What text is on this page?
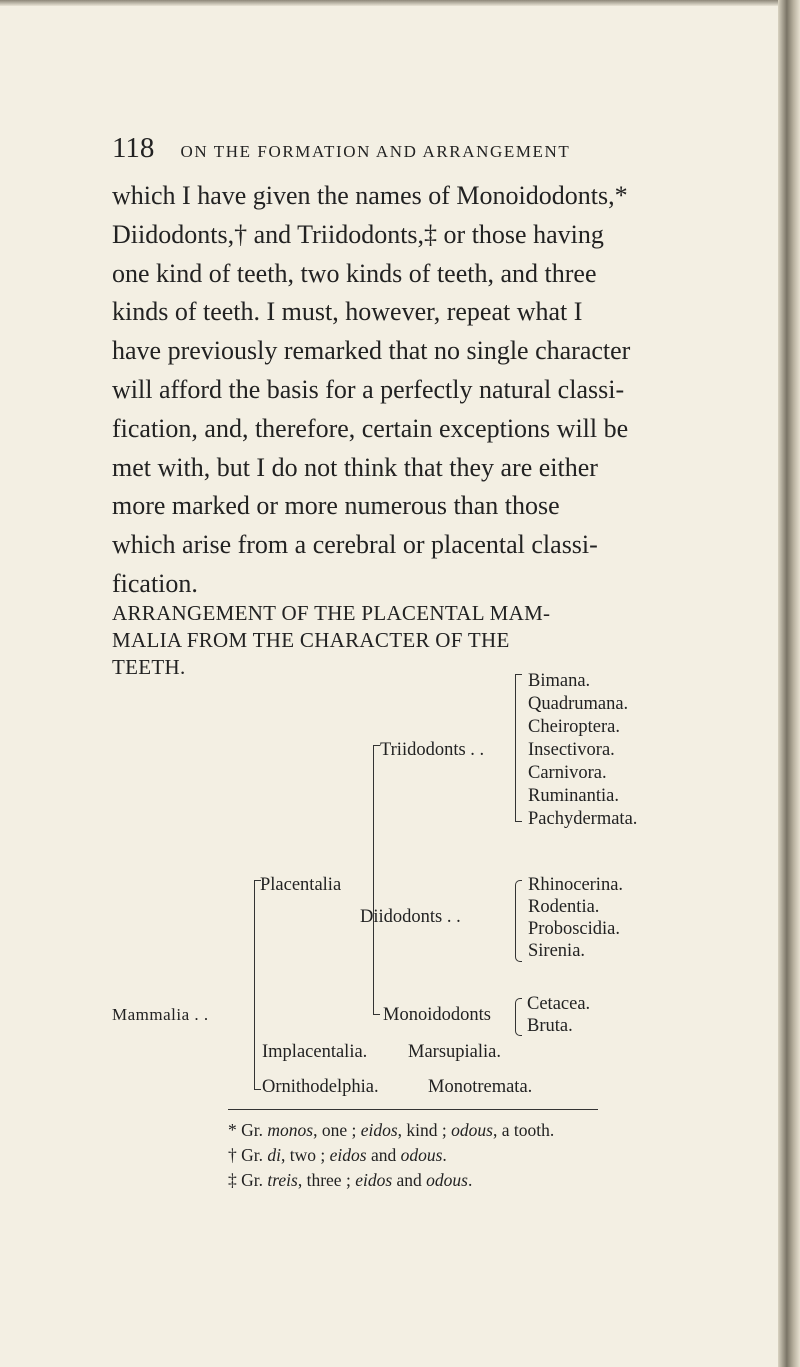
118 ON THE FORMATION AND ARRANGEMENT

which I have given the names of Monoidodonts,*
Diidodonts,† and Triidodonts,‡ or those having
one kind of teeth, two kinds of teeth, and three
kinds of teeth. I must, however, repeat what I
have previously remarked that no single character
will afford the basis for a perfectly natural classi-
fication, and, therefore, certain exceptions will be
met with, but I do not think that they are either
more marked or more numerous than those
which arise from a cerebral or placental classi-
fication.

ARRANGEMENT OF THE PLACENTAL MAM-
MALIA FROM THE CHARACTER OF THE
TEETH.

Bimana.
Quadrumana.
Cheiroptera.
Insectivora.
Carnivora.
Ruminantia.
Pachydermata.
Triidodonts . .
Rhinocerina.
Rodentia.
Proboscidia.
Sirenia.
Diidodonts . .
Cetacea.
Bruta.
Monoidodonts
Placentalia
Implacentalia. Marsupialia.
Ornithodelphia.	Monotremata.
Mammalia . .
* Gr. monos, one ; eidos, kind ; odous, a tooth.
† Gr. di, two ; eidos and odous.
‡ Gr. treis, three ; eidos and odous.
